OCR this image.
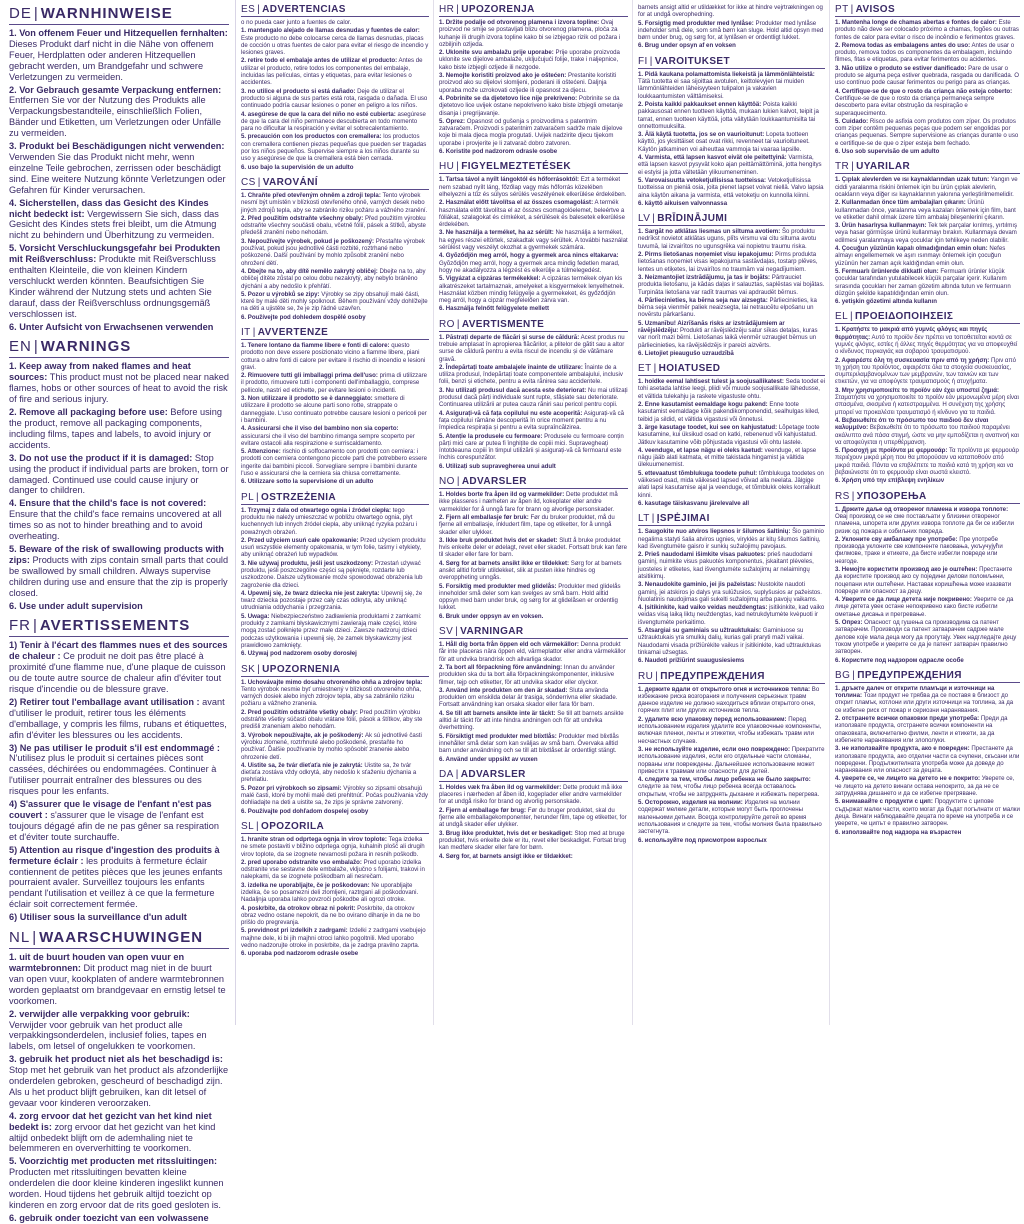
DE | WARNHINWEISE
1. Von offenem Feuer und Hitzequellen fernhalten: Dieses Produkt darf nicht in die Nähe von offenem Feuer, Herdplatten oder anderen Hitzequellen gebracht werden, um Brandgefahr und schwere Verletzungen zu vermeiden.
2. Vor Gebrauch gesamte Verpackung entfernen: Entfernen Sie vor der Nutzung des Produkts alle Verpackungsbestandteile, einschließlich Folien, Bänder und Etiketten, um Verletzungen oder Unfälle zu vermeiden.
3. Produkt bei Beschädigungen nicht verwenden: Verwenden Sie das Produkt nicht mehr, wenn einzelne Teile gebrochen, zerrissen oder beschädigt sind. Eine weitere Nutzung könnte Verletzungen oder Gefahren für Kinder verursachen.
4. Sicherstellen, dass das Gesicht des Kindes nicht bedeckt ist: Vergewissern Sie sich, dass das Gesicht des Kindes stets frei bleibt, um die Atmung nicht zu behindern und Überhitzung zu vermeiden.
5. Vorsicht Verschluckungsgefahr bei Produkten mit Reißverschluss: Produkte mit Reißverschluss enthalten Kleinteile, die von kleinen Kindern verschluckt werden könnten. Beaufsichtigen Sie Kinder während der Nutzung stets und achten Sie darauf, dass der Reißverschluss ordnungsgemäß verschlossen ist.
6. Unter Aufsicht von Erwachsenen verwenden
EN | WARNINGS
1. Keep away from naked flames and heat sources: This product must not be placed near naked flames, hobs or other sources of heat to avoid the risk of fire and serious injury.
2. Remove all packaging before use: Before using the product, remove all packaging components, including films, tapes and labels, to avoid injury or accidents.
3. Do not use the product if it is damaged: Stop using the product if individual parts are broken, torn or damaged. Continued use could cause injury or danger to children.
4. Ensure that the child's face is not covered: Ensure that the child's face remains uncovered at all times so as not to hinder breathing and to avoid overheating.
5. Beware of the risk of swallowing products with zips: Products with zips contain small parts that could be swallowed by small children. Always supervise children during use and ensure that the zip is properly closed.
6. Use under adult supervision
FR | AVERTISSEMENTS
1) Tenir à l'écart des flammes nues et des sources de chaleur : Ce produit ne doit pas être placé à proximité d'une flamme nue, d'une plaque de cuisson ou de toute autre source de chaleur afin d'éviter tout risque d'incendie ou de blessure grave.
2) Retirer tout l'emballage avant utilisation : avant d'utiliser le produit, retirer tous les éléments d'emballage, y compris les films, rubans et étiquettes, afin d'éviter les blessures ou les accidents.
3) Ne pas utiliser le produit s'il est endommagé : N'utilisez plus le produit si certaines pièces sont cassées, déchirées ou endommagées. Continuer à l'utiliser pourrait entraîner des blessures ou des risques pour les enfants.
4) S'assurer que le visage de l'enfant n'est pas couvert : s'assurer que le visage de l'enfant est toujours dégagé afin de ne pas gêner sa respiration et d'éviter toute surchauffe.
5) Attention au risque d'ingestion des produits à fermeture éclair : les produits à fermeture éclair contiennent de petites pièces que les jeunes enfants pourraient avaler. Surveillez toujours les enfants pendant l'utilisation et veillez à ce que la fermeture éclair soit correctement fermée.
6) Utiliser sous la surveillance d'un adult
NL | WAARSCHUWINGEN
1. uit de buurt houden van open vuur en warmtebronnen: Dit product mag niet in de buurt van open vuur, kookplaten of andere warmtebronnen worden geplaatst om brandgevaar en ernstig letsel te voorkomen.
2. verwijder alle verpakking voor gebruik: Verwijder voor gebruik van het product alle verpakkingsonderdelen, inclusief folies, tapes en labels, om letsel of ongelukken te voorkomen.
3. gebruik het product niet als het beschadigd is: Stop met het gebruik van het product als afzonderlijke onderdelen gebroken, gescheurd of beschadigd zijn. Als u het product blijft gebruiken, kan dit letsel of gevaar voor kinderen veroorzaken.
4. zorg ervoor dat het gezicht van het kind niet bedekt is: zorg ervoor dat het gezicht van het kind altijd onbedekt blijft om de ademhaling niet te belemmeren en oververhitting te voorkomen.
5. Voorzichtig met producten met ritssluitingen: Producten met ritssluitingen bevatten kleine onderdelen die door kleine kinderen ingeslikt kunnen worden. Houd tijdens het gebruik altijd toezicht op kinderen en zorg ervoor dat de rits goed gesloten is.
6. gebruik onder toezicht van een volwassene
ES | ADVERTENCIAS
o no pueda caer junto a fuentes de calor.
1. mantengalo alejado de llamas desnudas y fuentes de calor: Este producto no debe colocarse cerca de llamas desnudas, placas de cocción u otras fuentes de calor para evitar el riesgo de incendio y lesiones graves.
2. retire todo el embalaje antes de utilizar el producto: Antes de utilizar el producto, retire todos los componentes del embalaje, incluidas las películas, cintas y etiquetas, para evitar lesiones o accidentes.
3. no utilice el producto si está dañado: Deje de utilizar el producto si alguna de sus partes está rota, rasgada o dañada. El uso continuado podría causar lesiones o poner en peligro a los niños.
4. asegúrese de que la cara del niño no esté cubierta: asegúrese de que la cara del niño permanece descubierta en todo momento para no dificultar la respiración y evitar el sobrecalentamiento.
5. precaución con los productos con cremallera: los productos con cremallera contienen piezas pequeñas que pueden ser tragadas por los niños pequeños. Supervise siempre a los niños durante su uso y asegúrese de que la cremallera está bien cerrada.
6. uso bajo la supervisión de un adulto
CS | VAROVÁNÍ
1. Chraňte před otevřeným ohněm a zdroji tepla: Tento výrobek nesmí být umístěn v blízkosti otevřeného ohně, varných desek nebo jiných zdrojů tepla, aby se zabránilo riziku požáru a vážného zranění.
2. Před použitím odstraňte všechny obaly: Před použitím výrobku odstraňte všechny součásti obalu, včetně fólií, pásek a štítků, abyste předešli zranění nebo nehodám.
3. Nepoužívejte výrobek, pokud je poškozený: Přestaňte výrobek používat, pokud jsou jednotlivé části rozbité, roztrhané nebo poškozené. Další používání by mohlo způsobit zranění nebo ohrožení dětí.
4. Dbejte na to, aby dítě nemělo zakrytý obličej: Dbejte na to, aby obličej dítěte zůstal po celou dobu nezakrytý, aby nebylo bráněno dýchání a aby nedošlo k přehřátí.
5. Pozor u výrobků se zipy: Výrobky se zipy obsahují malé části, které by malé děti mohly spolknout. Během používání vždy dohlížejte na děti a ujistěte se, že je zip řádně uzavřen.
6. Používejte pod dohledem dospělé osoby
IT | AVVERTENZE
1. Tenere lontano da fiamme libere e fonti di calore: questo prodotto non deve essere posizionato vicino a fiamme libere, piani cottura o altre fonti di calore per evitare il rischio di incendio e lesioni gravi.
2. Rimuovere tutti gli imballaggi prima dell'uso: prima di utilizzare il prodotto, rimuovere tutti i componenti dell'imballaggio, comprese pellicole, nastri ed etichette, per evitare lesioni o incidenti.
3. Non utilizzare il prodotto se è danneggiato: smettere di utilizzare il prodotto se alcune parti sono rotte, strappate o danneggiate. L'uso continuato potrebbe causare lesioni o pericoli per i bambini.
4. Assicurarsi che il viso del bambino non sia coperto: assicurarsi che il viso del bambino rimanga sempre scoperto per evitare ostacoli alla respirazione e surriscaldamento.
5. Attenzione: rischio di soffocamento con prodotti con cerniera: i prodotti con cerniera contengono piccole parti che potrebbero essere ingerite dai bambini piccoli. Sorvegliare sempre i bambini durante l'uso e assicurarsi che la cerniera sia chiusa correttamente.
6. Utilizzare sotto la supervisione di un adulto
PL | OSTRZEŻENIA
1. Trzymaj z dala od otwartego ognia i źródeł ciepła: tego produktu nie należy umieszczać w pobliżu otwartego ognia, płyt kuchennych lub innych źródeł ciepła, aby uniknąć ryzyka pożaru i poważnych obrażeń.
2. Przed użyciem usuń całe opakowanie: Przed użyciem produktu usuń wszystkie elementy opakowania, w tym folie, taśmy i etykiety, aby uniknąć obrażeń lub wypadków.
3. Nie używaj produktu, jeśli jest uszkodzony: Przestań używać produktu, jeśli poszczególne części są pęknięte, rozdarte lub uszkodzone. Dalsze użytkowanie może spowodować obrażenia lub zagrożenie dla dzieci.
4. Upewnij się, że twarz dziecka nie jest zakryta: Upewnij się, że twarz dziecka pozostaje przez cały czas odkryta, aby uniknąć utrudniania oddychania i przegrzania.
5. Uwaga: Niebezpieczeństwo zadławienia produktami z zamkami: produkty z zamkami błyskawicznymi zawierają małe części, które mogą zostać połknięte przez małe dzieci. Zawsze nadzoruj dzieci podczas użytkowania i upewnij się, że zamek błyskawiczny jest prawidłowo zamknięty.
6. Używaj pod nadzorem osoby dorosłej
SK | UPOZORNENIA
1. Uchovávajte mimo dosahu otvoreného ohňa a zdrojov tepla: Tento výrobok nesmie byť umiestnený v blízkosti otvoreného ohňa, varných dosiek alebo iných zdrojov tepla, aby sa zabránilo riziku požiaru a vážneho zranenia.
2. Pred použitím odstráňte všetky obaly: Pred použitím výrobku odstráňte všetky súčasti obalu vrátane fólií, pások a štítkov, aby ste predišli zraneniam alebo nehodám.
3. Výrobok nepoužívajte, ak je poškodený: Ak sú jednotlivé časti výrobku zlomené, roztrhnuté alebo poškodené, prestaňte ho používať. Ďalšie používanie by mohlo spôsobiť zranenie alebo ohrozenie detí.
4. Uistite sa, že tvár dieťaťa nie je zakrytá: Uistite sa, že tvár dieťaťa zostáva vždy odkrytá, aby nedošlo k sťaženiu dýchania a prehriatiu.
5. Pozor pri výrobkoch so zipsami: Výrobky so zipsami obsahujú malé časti, ktoré by mohli malé deti prehltnúť. Počas používania vždy dohliadajte na deti a uistite sa, že zips je správne zatvorený.
6. Používajte pod dohľadom dospelej osoby
SL | OPOZORILA
1. hranite stran od odprtega ognja in virov toplote: Tega izdelka ne smete postaviti v bližino odprtega ognja, kuhalnih plošč ali drugih virov toplote, da se izognete nevarnosti požara in resnih poškodb.
2. pred uporabo odstranite vso embalažo: Pred uporabo izdelka odstranite vse sestavne dele embalaže, vključno s folijami, trakovi in nalepkami, da se izognete poškodbam ali nesrečam.
3. izdelka ne uporabljajte, če je poškodovan: Ne uporabljajte izdelka, če so posamezni deli zlomljeni, raztrgani ali poškodovani. Nadaljnja uporaba lahko povzroči poškodbe ali ogrozi otroke.
4. poskrbite, da otrokov obraz ni pokrit: Poskrbite, da otrokov obraz vedno ostane nepokrit, da ne bo oviranо dihanje in da ne bo prišlo do pregrevanja.
5. previdnost pri izdelkih z zadrgami: Izdelki z zadrgami vsebujejo majhne dele, ki bi jih majhni otroci lahko pogoltnili. Med uporabo vedno nadzorujte otroke in poskrbite, da je zadrga pravilno zaprta.
6. uporaba pod nadzorom odrasle osebe
HR | UPOZORENJA
1. Držite podalje od otvorenog plamena i izvora topline: Ovaj proizvod ne smije se postavljati blizu otvorenog plamena, ploča za kuhanje ili drugih izvora topline kako bi se izbjegao rizik od požara i ozbiljnih ozljeda.
2. Uklonite svu ambalažu prije uporabe: Prije uporabe proizvoda uklonite sve dijelove ambalaže, uključujući folije, trake i naljepnice, kako biste izbjegli ozljede ili nezgode.
3. Nemojte koristiti proizvod ako je oštećen: Prestanite koristiti proizvod ako su dijelovi slomljeni, poderani ili oštećeni. Daljnja uporaba može uzrokovati ozljede ili opasnost za djecu.
4. Pobrinite se da djetetovo lice nije prekriveno: Pobrinite se da djetetovo lice uvijek ostane nepokriveno kako biste izbjegli ometanje disanja i pregrijavanje.
5. Oprez: Opasnost od gušenja s proizvodima s patentnim zatvaračem. Proizvodi s patentnim zatvaračem sadrže male dijelove koje bi mala djeca mogla progutati. Uvijek nadzirite djecu tijekom uporabe i provjerite je li zatvarač dobro zatvoren.
6. Koristite pod nadzorom odrasle osobe
HU | FIGYELMEZTETÉSEK
1. Tartsa távol a nyílt lángoktól és hőforrásoktól: Ezt a terméket nem szabad nyílt láng, főzőlap vagy más hőforrás közelében elhelyezni a tűz és súlyos sérülés veszélyének elkerülése érdekében.
2. Használat előtt távolítsa el az összes csomagolást: A termék használata előtt távolítsa el az összes csomagolóelemet, beleértve a fóliákat, szalagokat és címkéket, a sérülések és balesetek elkerülése érdekében.
3. Ne használja a terméket, ha az sérült: Ne használja a terméket, ha egyes részei eltörtek, szakadtak vagy sérültek. A további használat sérülést vagy veszélyt okozhat a gyermekek számára.
4. Gyõződjön meg arról, hogy a gyermek arca nincs eltakarva: Gyõződjön meg arról, hogy a gyermek arca mindig fedetlen marad, hogy ne akadályozza a légzést és elkerülje a túlmelegedést.
5. Vigyázat a cipzáras termékekkel: A cipzáras termékek olyan kis alkatrészeket tartalmaznak, amelyeket a kisgyermekek lenyelhetnek. Használat közben mindig felügyelje a gyermekeket, és győződjön meg arról, hogy a cipzár megfelelően zárva van.
6. Használja felnőtt felügyelete mellett
RO | AVERTISMENTE
1. Păstrați departe de flăcări și surse de căldură: Acest produs nu trebuie amplasat în apropierea flăcărilor, a plitelor de gătit sau a altor surse de căldură pentru a evita riscul de incendiu și de vătămare gravă.
2. Îndepărtați toate ambalajele înainte de utilizare: Înainte de a utiliza produsul, îndepărtați toate componentele ambalajului, inclusiv folii, benzi și etichete, pentru a evita rănirea sau accidentele.
3. Nu utilizați produsul dacă acesta este deteriorat: Nu mai utilizați produsul dacă părți individuale sunt rupte, sfâșiate sau deteriorate. Continuarea utilizării ar putea cauza răniri sau pericol pentru copii.
4. Asigurați-vă că fața copilului nu este acoperită: Asigurați-vă că fața copilului rămâne descoperită în orice moment pentru a nu împiedica respirația și pentru a evita supraîncălzirea.
5. Atenție la produsele cu fermoare: Produsele cu fermoare conțin părți mici care ar putea fi înghițite de copiii mici. Supravegheați întotdeauna copiii în timpul utilizării și asigurați-vă că fermoarul este închis corespunzător.
6. Utilizați sub supravegherea unui adult
NO | ADVARSLER
1. Holdes borte fra åpen ild og varmekilder: Dette produktet må ikke plasseres i nærheten av åpen ild, kokeplater eller andre varmekilder for å unngå fare for brann og alvorlige personskader.
2. Fjern all emballasje før bruk: Før du bruker produktet, må du fjerne all emballasje, inkludert film, tape og etiketter, for å unngå skader eller ulykker.
3. Ikke bruk produktet hvis det er skadet: Slutt å bruke produktet hvis enkelte deler er ødelagt, revet eller skadet. Fortsatt bruk kan føre til skader eller fare for barn.
4. Sørg for at barnets ansikt ikke er tildekket: Sørg for at barnets ansikt alltid forblir utildekket, slik at pusten ikke hindres og overoppheting unngås.
5. Forsiktig med produkter med glidelås: Produkter med glidelås inneholder små deler som kan svelges av små barn. Hold alltid oppsyn med barn under bruk, og sørg for at glidelåsen er ordentlig lukket.
6. Bruk under oppsyn av en voksen.
SV | VARNINGAR
1. Håll dig borta från öppen eld och värmekällor: Denna produkt får inte placeras nära öppen eld, värmeplattor eller andra värmekällor för att undvika brandrisk och allvarliga skador.
2. Ta bort all förpackning före användning: Innan du använder produkten ska du ta bort alla förpackningskomponenter, inklusive filmer, tejp och etiketter, för att undvika skador eller olyckor.
3. Använd inte produkten om den är skadad: Sluta använda produkten om enskilda delar är trasiga, sönderrivna eller skadade. Fortsatt användning kan orsaka skador eller fara för barn.
4. Se till att barnets ansikte inte är täckt: Se till att barnets ansikte alltid är täckt för att inte hindra andningen och för att undvika överhettning.
5. Försiktigt med produkter med blixtlås: Produkter med blixtlås innehåller små delar som kan sväljas av små barn. Övervaka alltid barn under användning och se till att blixtlåset är ordentligt stängt.
6. Använd under uppsikt av vuxen
DA | ADVARSLER
1. Holdes væk fra åben ild og varmekilder: Dette produkt må ikke placeres i nærheden af åben ild, kogeplader eller andre varmekilder for at undgå risiko for brand og alvorlig personskade.
2. Fjern al emballage før brug: Før du bruger produktet, skal du fjerne alle emballagekomponenter, herunder film, tape og etiketter, for at undgå skader eller ulykker.
3. Brug ikke produktet, hvis det er beskadiget: Stop med at bruge produktet, hvis enkelte dele er itu, revet eller beskadiget. Fortsat brug kan medføre skader eller fare for børn.
4. Sørg for, at barnets ansigt ikke er tildækket:
barnets ansigt altid er utildækket for ikke at hindre vejrtrækningen og for at undgå overophedning.
5. Forsigtig med produkter med lynlåse: Produkter med lynlåse indeholder små dele, som små børn kan sluge. Hold altid opsyn med børn under brug, og sørg for, at lynlåsen er ordentligt lukket.
6. Brug under opsyn af en voksen
FI | VAROITUKSET
1. Pidä kaukana polamattomista liekeistä ja lämmönlähteistä: Tätä tuotetta ei saa sijoittaa avotulen, keittolevyjen tai muiden lämmönlähteiden läheisyyteen tulipalon ja vakavien loukkaantumisten välttämiseksi.
2. Poista kaikki pakkaukset ennen käyttöä: Poista kaikki pakkausosat ennen tuotteen käyttöä, mukaan lukien kalvot, teipit ja tarrat, ennen tuotteen käyttöä, jotta vältytään loukkaantumisilta tai onnettomuuksilta.
3. Älä käytä tuotetta, jos se on vaurioitunut: Lopeta tuotteen käyttö, jos yksittäiset osat ovat rikki, revenneet tai vaurioituneet. Käytön jatkaminen voi aiheuttaa vammoja tai vaaraa lapsille.
4. Varmista, että lapsen kasvot eivät ole peitettyinä: Varmista, että lapsen kasvot pysyvät koko ajan peittämättöminä, jotta hengitys ei estyisi ja jotta vältetään ylikuumeneminen.
5. Varovaisuutta vetoketjullisissa tuotteissa: Vetoketjullisissa tuotteissa on pieniä osia, joita pienet lapset voivat niellä. Valvo lapsia aina käytön aikana ja varmista, että vetoketju on kunnolla kiinni.
6. käyttö aikuisen valvonnassa
LV | BRĪDINĀJUMI
1. Sargāt no atklātas liesmas un siltuma avotiem: Šo produktu nedrīkst novietot atklātas uguns, plīts virsmu vai citu siltuma avotu tuvumā, lai izvairītos no ugunsgrēka vai nopietnu traumu riska.
2. Pirms lietošanas noņemiet visu iepakojumu: Pirms produkta lietošanas noņemiet visas iepakojuma sastāvdaļas, tostarp plēves, lentes un etiķetes, lai izvairītos no traumām vai negadījumiem.
3. Neizmantojiet izstrādājumu, ja tas ir bojāts: Pārtrauciet produkta lietošanu, ja kādas daļas ir salauztas, saplēstas vai bojātas. Turpināta lietošana var radīt traumas vai apdraudēt bērnus.
4. Pārliecinieties, ka bērna seja nav aizsegta: Pārliecinieties, ka bērna seja vienmēr paliek neaizsegta, lai netraucētu elpošanu un novērstu pārkaršanu.
5. Uzmanību! Aizrīšanās risks ar izstrādājumiem ar rāvējslēdzēju: Produkti ar rāvējslēdzēju satur sīkas detaļas, kuras var norīt mazi bērni. Lietošanas laikā vienmēr uzraugiet bērnus un pārliecinieties, ka rāvējslēdzējs ir pareizi aizvērts.
6. Lietojiet pieaugušo uzraudzībā
ET | HOIATUSED
1. hoidke eemal lahtisest tulest ja soojusallikatest: Seda toodet ei tohi asetada lahtise leegi, pliidi või muude soojusallikate lähedusse, et vältida tulekahju ja raskete vigastuste ohtu.
2. Enne kasutamist eemaldage kogu pakend: Enne toote kasutamist eemaldage kõik pakendikomponendid, sealhulgas kiled, teibid ja sildid, et vältida vigastusi või õnnetusi.
3. ärge kasutage toodet, kui see on kahjustatud: Lõpetage toote kasutamine, kui üksikud osad on katki, rebenenud või kahjustatud. Jätkuv kasutamine võib põhjustada vigastusi või ohtu lastele.
4. veenduge, et lapse nägu ei oleks kaetud: veenduge, et lapse nägu jääb alati katmata, et mitte takistada hingamist ja vältida ülekuumenemist.
5. ettevaatust tõmblukuga toodete puhul: tõmblukuga toodetes on väikesed osad, mida väikesed lapsed võivad alla neelata. Jälgige alati lapsi kasutamise ajal ja veenduge, et tõmblukk oleks korralikult kinni.
6. kasutage täiskasvanu järelevalve all
LT | ĮSPĖJIMAI
1. Saugokite nuo atviros liepsnos ir šilumos šaltinių: Šio gaminio negalima statyti šalia atviros ugnies, viryklės ar kitų šilumos šaltinių, kad išvengtumėte gaisro ir sunkių sužalojimų pavojaus.
2. Prieš naudodami išimkite visas pakuotes: prieš naudodami gaminį, nuimkite visus pakuotės komponentus, įskaitant plėveles, juosteles ir etiketes, kad išvengtumėte sužalojimų ar nelaimingų atsitikimų.
3. Nenaudokite gaminio, jei jis pažeistas: Nustokite naudoti gaminį, jei atskiros jo dalys yra sulūžusios, suplyšusios ar pažeistos. Nuolatinis naudojimas gali sukelti sužalojimų arba pavojų vaikams.
4. Įsitikinkite, kad vaiko veidas neuždengtas: įsitikinkite, kad vaiko veidas visą laiką liktų neuždengtas, kad netrukdytumėte kvėpuoti ir išvengtumėte perkaitimo.
5. Atsargiai su gaminiais su užtrauktukais: Gaminiuose su užtrauktukais yra smulkių dalių, kurias gali praryti maži vaikai. Naudodami visada prižiūrėkite vaikus ir įsitikinkite, kad užtrauktukas tinkamai užsegtas.
6. Naudoti prižiūrint suaugusiesiems
RU | ПРЕДУПРЕЖДЕНИЯ
1. держите вдали от открытого огня и источников тепла: Во избежание риска возгорания и получения серьезных травм данное изделие не должно находиться вблизи открытого огня, горячих плит или других источников тепла.
2. удалите всю упаковку перед использованием: Перед использованием изделия удалите все упаковочные компоненты, включая пленки, ленты и этикетки, чтобы избежать травм или несчастных случаев.
3. не используйте изделие, если оно повреждено: Прекратите использование изделия, если его отдельные части сломаны, порваны или повреждены. Дальнейшее использование может привести к травмам или опасности для детей.
4. следите за тем, чтобы лицо ребенка не было закрыто: следите за тем, чтобы лицо ребенка всегда оставалось открытым, чтобы не затруднять дыхание и избежать перегрева.
5. Осторожно, изделия на молнии: Изделия на молнии содержат мелкие детали, которые могут быть проглочены маленькими детьми. Всегда контролируйте детей во время использования и следите за тем, чтобы молния была правильно застегнута.
6. используйте под присмотром взрослых
PT | AVISOS
1. Mantenha longe de chamas abertas e fontes de calor: Este produto não deve ser colocado próximo a chamas, fogões ou outras fontes de calor para evitar o risco de incêndio e ferimentos graves.
2. Remova todas as embalagens antes do uso: Antes de usar o produto, remova todos os componentes da embalagem, incluindo filmes, fitas e etiquetas, para evitar ferimentos ou acidentes.
3. Não utilize o produto se estiver danificado: Pare de usar o produto se alguma peça estiver quebrada, rasgada ou danificada. O uso contínuo pode causar ferimentos ou perigo para as crianças.
4. Certifique-se de que o rosto da criança não esteja coberto: Certifique-se de que o rosto da criança permaneça sempre descoberto para evitar obstrução da respiração e superaquecimento.
5. Cuidado: Risco de asfixia com produtos com zíper. Os produtos com zíper contêm pequenas peças que podem ser engolidas por crianças pequenas. Sempre supervisione as crianças durante o uso e certifique-se de que o zíper esteja bem fechado.
6. Uso sob supervisão de um adulto
TR | UYARILAR
1. Çıplak alevlerden ve ısı kaynaklarından uzak tutun: Yangın ve ciddi yaralanma riskini önlemek için bu ürün çıplak alevlerin, ocakların veya diğer ısı kaynaklarının yakınına yerleştirilmemelidir.
2. Kullanmadan önce tüm ambalajları çıkarın: Ürünü kullanmadan önce, yaralanma veya kazaları önlemek için film, bant ve etiketler dahil olmak üzere tüm ambalaj bileşenlerini çıkarın.
3. Ürün hasarlıysa kullanmayın: Tek tek parçalar kırılmış, yırtılmış veya hasar görmüşse ürünü kullanmayı bırakın. Kullanmaya devam edilmesi yaralanmaya veya çocuklar için tehlikeye neden olabilir.
4. Çocuğun yüzünün kapalı olmadığından emin olun: Nefes almayı engellememek ve aşırı ısınmayı önlemek için çocuğun yüzünün her zaman açık kaldığından emin olun.
5. Fermuarlı ürünlerde dikkatli olun: Fermuarlı ürünler küçük çocuklar tarafından yutulabilecek küçük parçalar içerir. Kullanım sırasında çocukları her zaman gözetim altında tutun ve fermuarın düzgün şekilde kapatıldığından emin olun.
6. yetişkin gözetimi altında kullanın
EL | ΠΡΟΕΙΔΟΠΟΙΗΣΕΙΣ
1. Κρατήστε το μακριά από γυμνές φλόγες και πηγές θερμότητας: Αυτό το προϊόν δεν πρέπει να τοποθετείται κοντά σε γυμνές φλόγες, εστίες ή άλλες πηγές θερμότητας για να αποφευχθεί ο κίνδυνος πυρκαγιάς και σοβαρού τραυματισμού.
2. Αφαιρέστε όλη τη συσκευασία πριν από τη χρήση: Πριν από τη χρήση του προϊόντος, αφαιρέστε όλα τα στοιχεία συσκευασίας, συμπεριλαμβανομένων των μεμβρανών, των ταινιών και των ετικετών, για να αποφύγετε τραυματισμούς ή ατυχήματα.
3. Μην χρησιμοποιείτε το προϊόν εάν έχει υποστεί ζημιά: Σταματήστε να χρησιμοποιείτε το προϊόν εάν μεμονωμένα μέρη είναι σπασμένα, σκισμένα ή κατεστραμμένα. Η συνέχιση της χρήσης μπορεί να προκαλέσει τραυματισμό ή κίνδυνο για τα παιδιά.
4. Βεβαιωθείτε ότι το πρόσωπο του παιδιού δεν είναι καλυμμένο: Βεβαιωθείτε ότι το πρόσωπο του παιδιού παραμένει ακάλυπτο ανά πάσα στιγμή, ώστε να μην εμποδίζεται η αναπνοή και να αποφεύγεται η υπερθέρμανση.
5. Προσοχή με προϊόντα με φερμουάρ: Τα προϊόντα με φερμουάρ περιέχουν μικρά μέρη που θα μπορούσαν να καταποθούν από μικρά παιδιά. Πάντα να επιβλέπετε τα παιδιά κατά τη χρήση και να βεβαιώνεστε ότι το φερμουάρ είναι σωστά κλειστό.
6. Χρήση υπό την επίβλεψη ενηλίκων
RS | УПОЗОРЕЊА
1. Држите даље од отвореног пламена и извора топлоте: Овај производ се не сме постављати у близини отвореног пламена, шпорета или других извора топлоте да би се избегли ризик од пожара и озбиљних повреда.
2. Уклоните сву амбалажу пре употребе: Пре употребе производа уклоните све компоненте паковања, укључујући филмове, траке и етикете, да бисте избегли повреде или незгоде.
3. Немојте користити производ ако је оштећен: Престаните да користите производ ако су поједини делови поломљени, поцепани или оштећени. Наставак коришћења може изазвати повреде или опасност за децу.
4. Уверите се да лице детета није покривено: Уверите се да лице детета увек остане непокривено како бисте избегли ометање дисања и прегревање.
5. Опрез: Опасност од гушења са производима са патент затварачем. Производи са патент затварачем садрже мале делове које мала деца могу да прогутају. Увек надгледајте децу током употребе и уверите се да је патент затварач правилно затворен.
6. Користите под надзором одрасле особе
BG | ПРЕДУПРЕЖДЕНИЯ
1. дръжте далеч от открити пламъци и източници на топлина: Този продукт не трябва да се поставя в близост до открит пламък, котлони или други източници на топлина, за да се избегне риск от пожар и сериозни наранявания.
2. отстранете всички опаковки преди употреба: Преди да използвате продукта, отстранете всички компоненти на опаковката, включително филми, ленти и етикети, за да избегнете наранявания или злополуки.
3. не използвайте продукта, ако е повреден: Престанете да използвате продукта, ако отделни части са счупени, скъсани или повредени. Продължителната употреба може да доведе до наранявания или опасност за децата.
4. уверете се, че лицето на детето не е покрито: Уверете се, че лицето на детето винаги остава непокрито, за да не се затруднява дишането и да се избегне прегряване.
5. внимавайте с продукти с цип: Продуктите с ципове съдържат малки части, които могат да бъдат погълнати от малки деца. Винаги наблюдавайте децата по време на употреба и се уверете, че ципът е правилно затворен.
6. използвайте под надзора на възрастен
